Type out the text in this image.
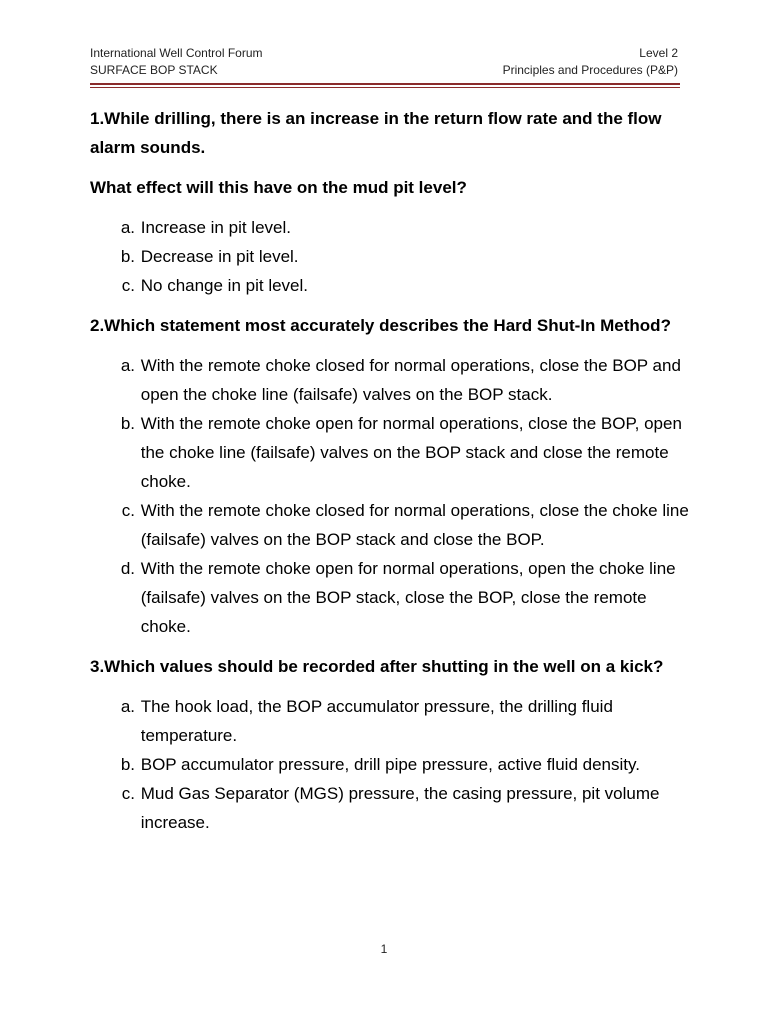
International Well Control Forum	Level 2
SURFACE BOP STACK	Principles and Procedures (P&P)
1.While drilling, there is an increase in the return flow rate and the flow alarm sounds.
What effect will this have on the mud pit level?
a.
Increase in pit level.
b.
Decrease in pit level.
c.
No change in pit level.
2.Which statement most accurately describes the Hard Shut-In Method?
a.
With the remote choke closed for normal operations, close the BOP and open the choke line (failsafe) valves on the BOP stack.
b.
With the remote choke open for normal operations, close the BOP, open the choke line (failsafe) valves on the BOP stack and close the remote choke.
c.
With the remote choke closed for normal operations, close the choke line (failsafe) valves on the BOP stack and close the BOP.
d.
With the remote choke open for normal operations, open the choke line (failsafe) valves on the BOP stack, close the BOP, close the remote choke.
3.Which values should be recorded after shutting in the well on a kick?
a.
The hook load, the BOP accumulator pressure, the drilling fluid temperature.
b.
BOP accumulator pressure, drill pipe pressure, active fluid density.
c.
Mud Gas Separator (MGS) pressure, the casing pressure, pit volume increase.
1
